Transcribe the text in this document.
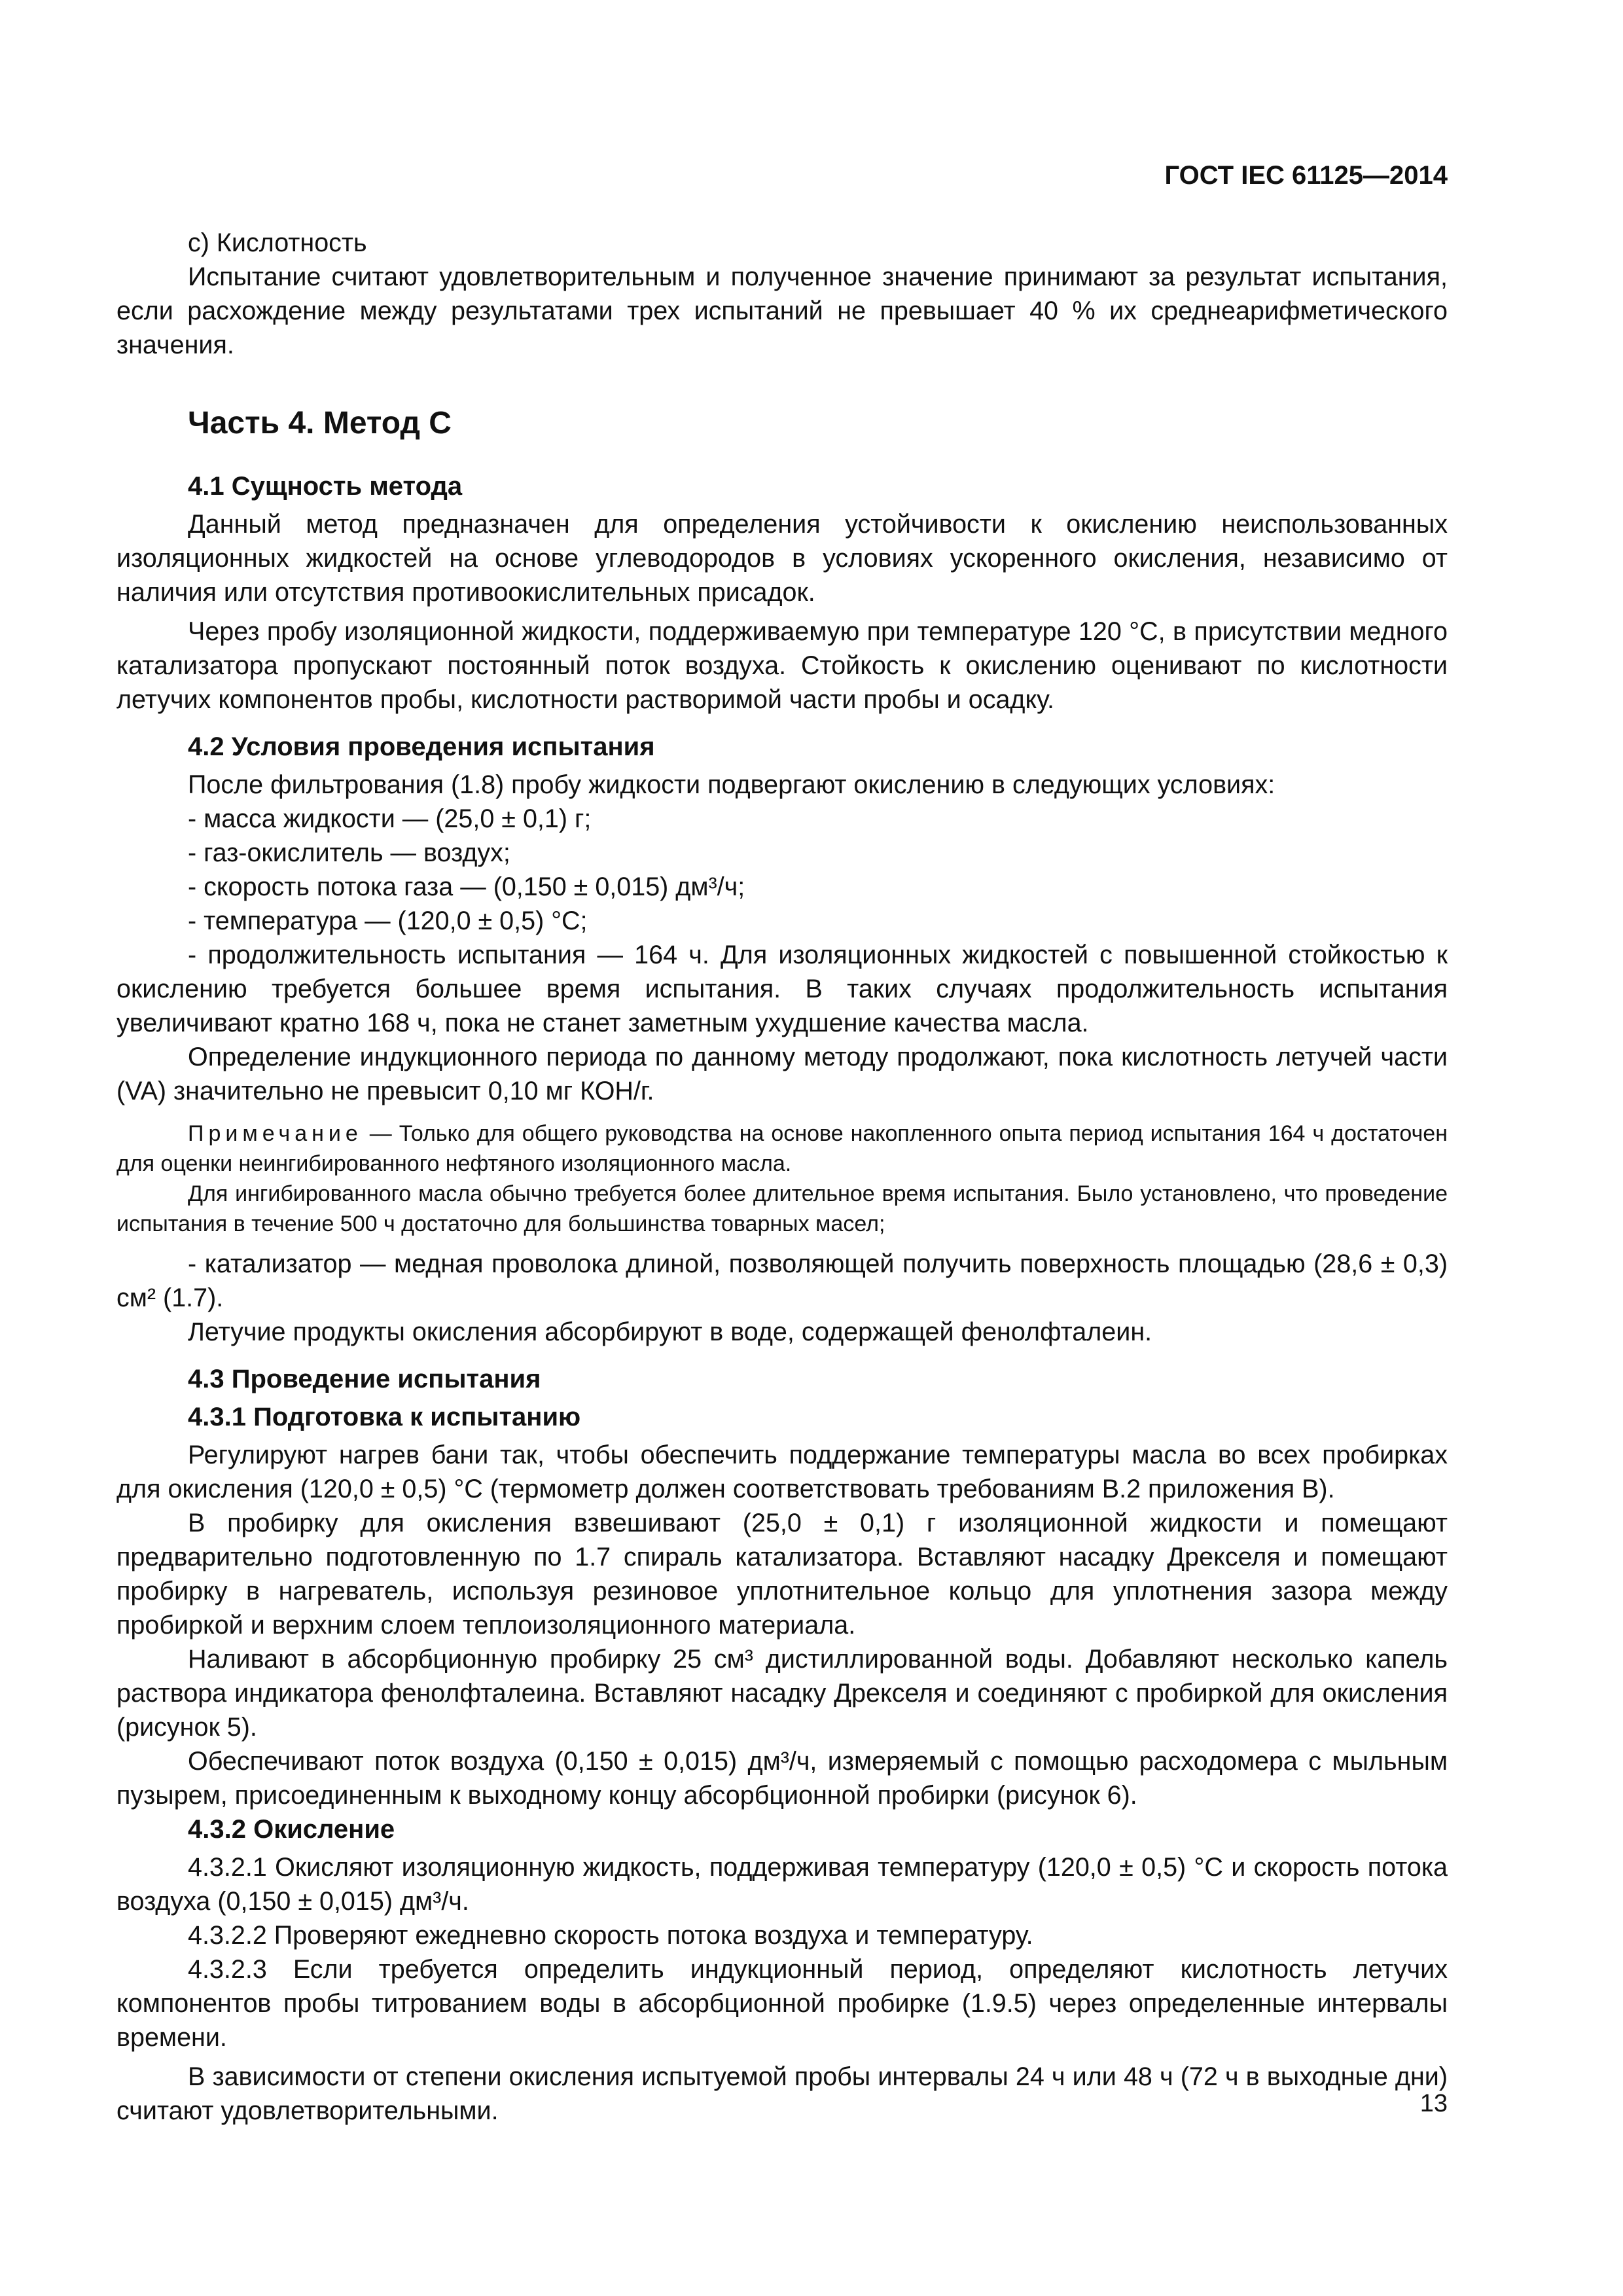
ГОСТ IEC 61125—2014

c) Кислотность

Испытание считают удовлетворительным и полученное значение принимают за результат испытания, если расхождение между результатами трех испытаний не превышает 40 % их среднеарифметического значения.

Часть 4. Метод С
4.1 Сущность метода

Данный метод предназначен для определения устойчивости к окислению неиспользованных изоляционных жидкостей на основе углеводородов в условиях ускоренного окисления, независимо от наличия или отсутствия противоокислительных присадок.

Через пробу изоляционной жидкости, поддерживаемую при температуре 120 °С, в присутствии медного катализатора пропускают постоянный поток воздуха. Стойкость к окислению оценивают по кислотности летучих компонентов пробы, кислотности растворимой части пробы и осадку.

4.2 Условия проведения испытания

После фильтрования (1.8) пробу жидкости подвергают окислению в следующих условиях:

- масса жидкости — (25,0 ± 0,1) г;

- газ-окислитель — воздух;

- скорость потока газа — (0,150 ± 0,015) дм³/ч;

- температура — (120,0 ± 0,5) °С;

- продолжительность испытания — 164 ч. Для изоляционных жидкостей с повышенной стойкостью к окислению требуется большее время испытания. В таких случаях продолжительность испытания увеличивают кратно 168 ч, пока не станет заметным ухудшение качества масла.

Определение индукционного периода по данному методу продолжают, пока кислотность летучей части (VA) значительно не превысит 0,10 мг КОН/г.

Примечание — Только для общего руководства на основе накопленного опыта период испытания 164 ч достаточен для оценки неингибированного нефтяного изоляционного масла.

Для ингибированного масла обычно требуется более длительное время испытания. Было установлено, что проведение испытания в течение 500 ч достаточно для большинства товарных масел;

- катализатор — медная проволока длиной, позволяющей получить поверхность площадью (28,6 ± 0,3) см² (1.7).

Летучие продукты окисления абсорбируют в воде, содержащей фенолфталеин.

4.3 Проведение испытания
4.3.1 Подготовка к испытанию

Регулируют нагрев бани так, чтобы обеспечить поддержание температуры масла во всех пробирках для окисления (120,0 ± 0,5) °С (термометр должен соответствовать требованиям В.2 приложения В).

В пробирку для окисления взвешивают (25,0 ± 0,1) г изоляционной жидкости и помещают предварительно подготовленную по 1.7 спираль катализатора. Вставляют насадку Дрекселя и помещают пробирку в нагреватель, используя резиновое уплотнительное кольцо для уплотнения зазора между пробиркой и верхним слоем теплоизоляционного материала.

Наливают в абсорбционную пробирку 25 см³ дистиллированной воды. Добавляют несколько капель раствора индикатора фенолфталеина. Вставляют насадку Дрекселя и соединяют с пробиркой для окисления (рисунок 5).

Обеспечивают поток воздуха (0,150 ± 0,015) дм³/ч, измеряемый с помощью расходомера с мыльным пузырем, присоединенным к выходному концу абсорбционной пробирки (рисунок 6).

4.3.2 Окисление

4.3.2.1 Окисляют изоляционную жидкость, поддерживая температуру (120,0 ± 0,5) °С и скорость потока воздуха (0,150 ± 0,015) дм³/ч.

4.3.2.2 Проверяют ежедневно скорость потока воздуха и температуру.

4.3.2.3 Если требуется определить индукционный период, определяют кислотность летучих компонентов пробы титрованием воды в абсорбционной пробирке (1.9.5) через определенные интервалы времени.

В зависимости от степени окисления испытуемой пробы интервалы 24 ч или 48 ч (72 ч в выходные дни) считают удовлетворительными.	13
